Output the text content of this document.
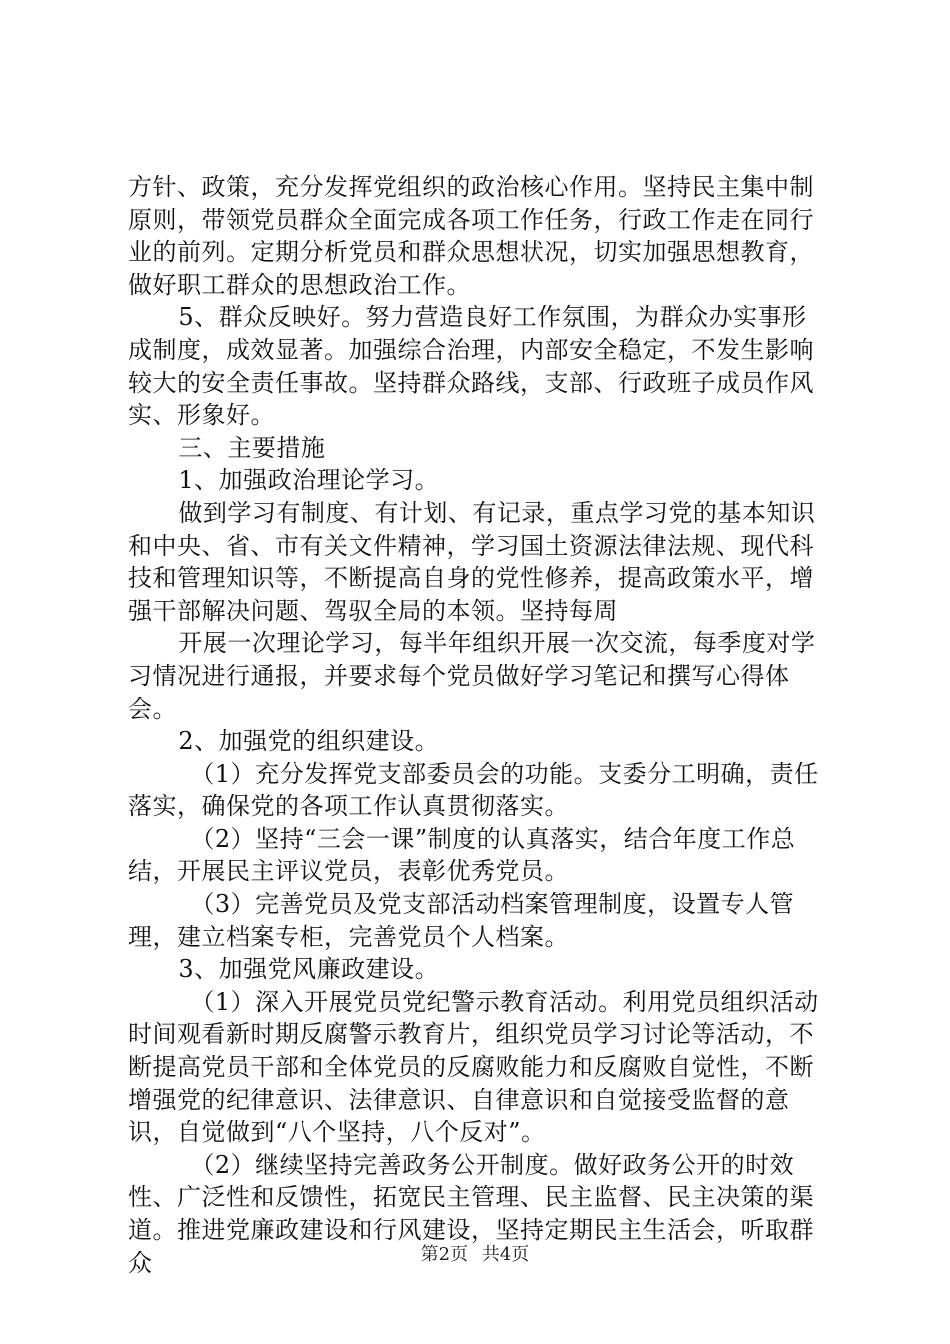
方针、政策，充分发挥党组织的政治核心作用。坚持民主集中制原则，带领党员群众全面完成各项工作任务，行政工作走在同行业的前列。定期分析党员和群众思想状况，切实加强思想教育，做好职工群众的思想政治工作。

5、群众反映好。努力营造良好工作氛围，为群众办实事形成制度，成效显著。加强综合治理，内部安全稳定，不发生影响较大的安全责任事故。坚持群众路线，支部、行政班子成员作风实、形象好。

三、主要措施

1、加强政治理论学习。

做到学习有制度、有计划、有记录，重点学习党的基本知识和中央、省、市有关文件精神，学习国土资源法律法规、现代科技和管理知识等，不断提高自身的党性修养，提高政策水平，增强干部解决问题、驾驭全局的本领。坚持每周

开展一次理论学习，每半年组织开展一次交流，每季度对学习情况进行通报，并要求每个党员做好学习笔记和撰写心得体会。

2、加强党的组织建设。

（1）充分发挥党支部委员会的功能。支委分工明确，责任落实，确保党的各项工作认真贯彻落实。

（2）坚持“三会一课”制度的认真落实，结合年度工作总结，开展民主评议党员，表彰优秀党员。

（3）完善党员及党支部活动档案管理制度，设置专人管理，建立档案专柜，完善党员个人档案。

3、加强党风廉政建设。

（1）深入开展党员党纪警示教育活动。利用党员组织活动时间观看新时期反腐警示教育片，组织党员学习讨论等活动，不断提高党员干部和全体党员的反腐败能力和反腐败自觉性，不断增强党的纪律意识、法律意识、自律意识和自觉接受监督的意识，自觉做到“八个坚持，八个反对”。

（2）继续坚持完善政务公开制度。做好政务公开的时效性、广泛性和反馈性，拓宽民主管理、民主监督、民主决策的渠道。推进党廉政建设和行风建设，坚持定期民主生活会，听取群众	第2页 共4页
